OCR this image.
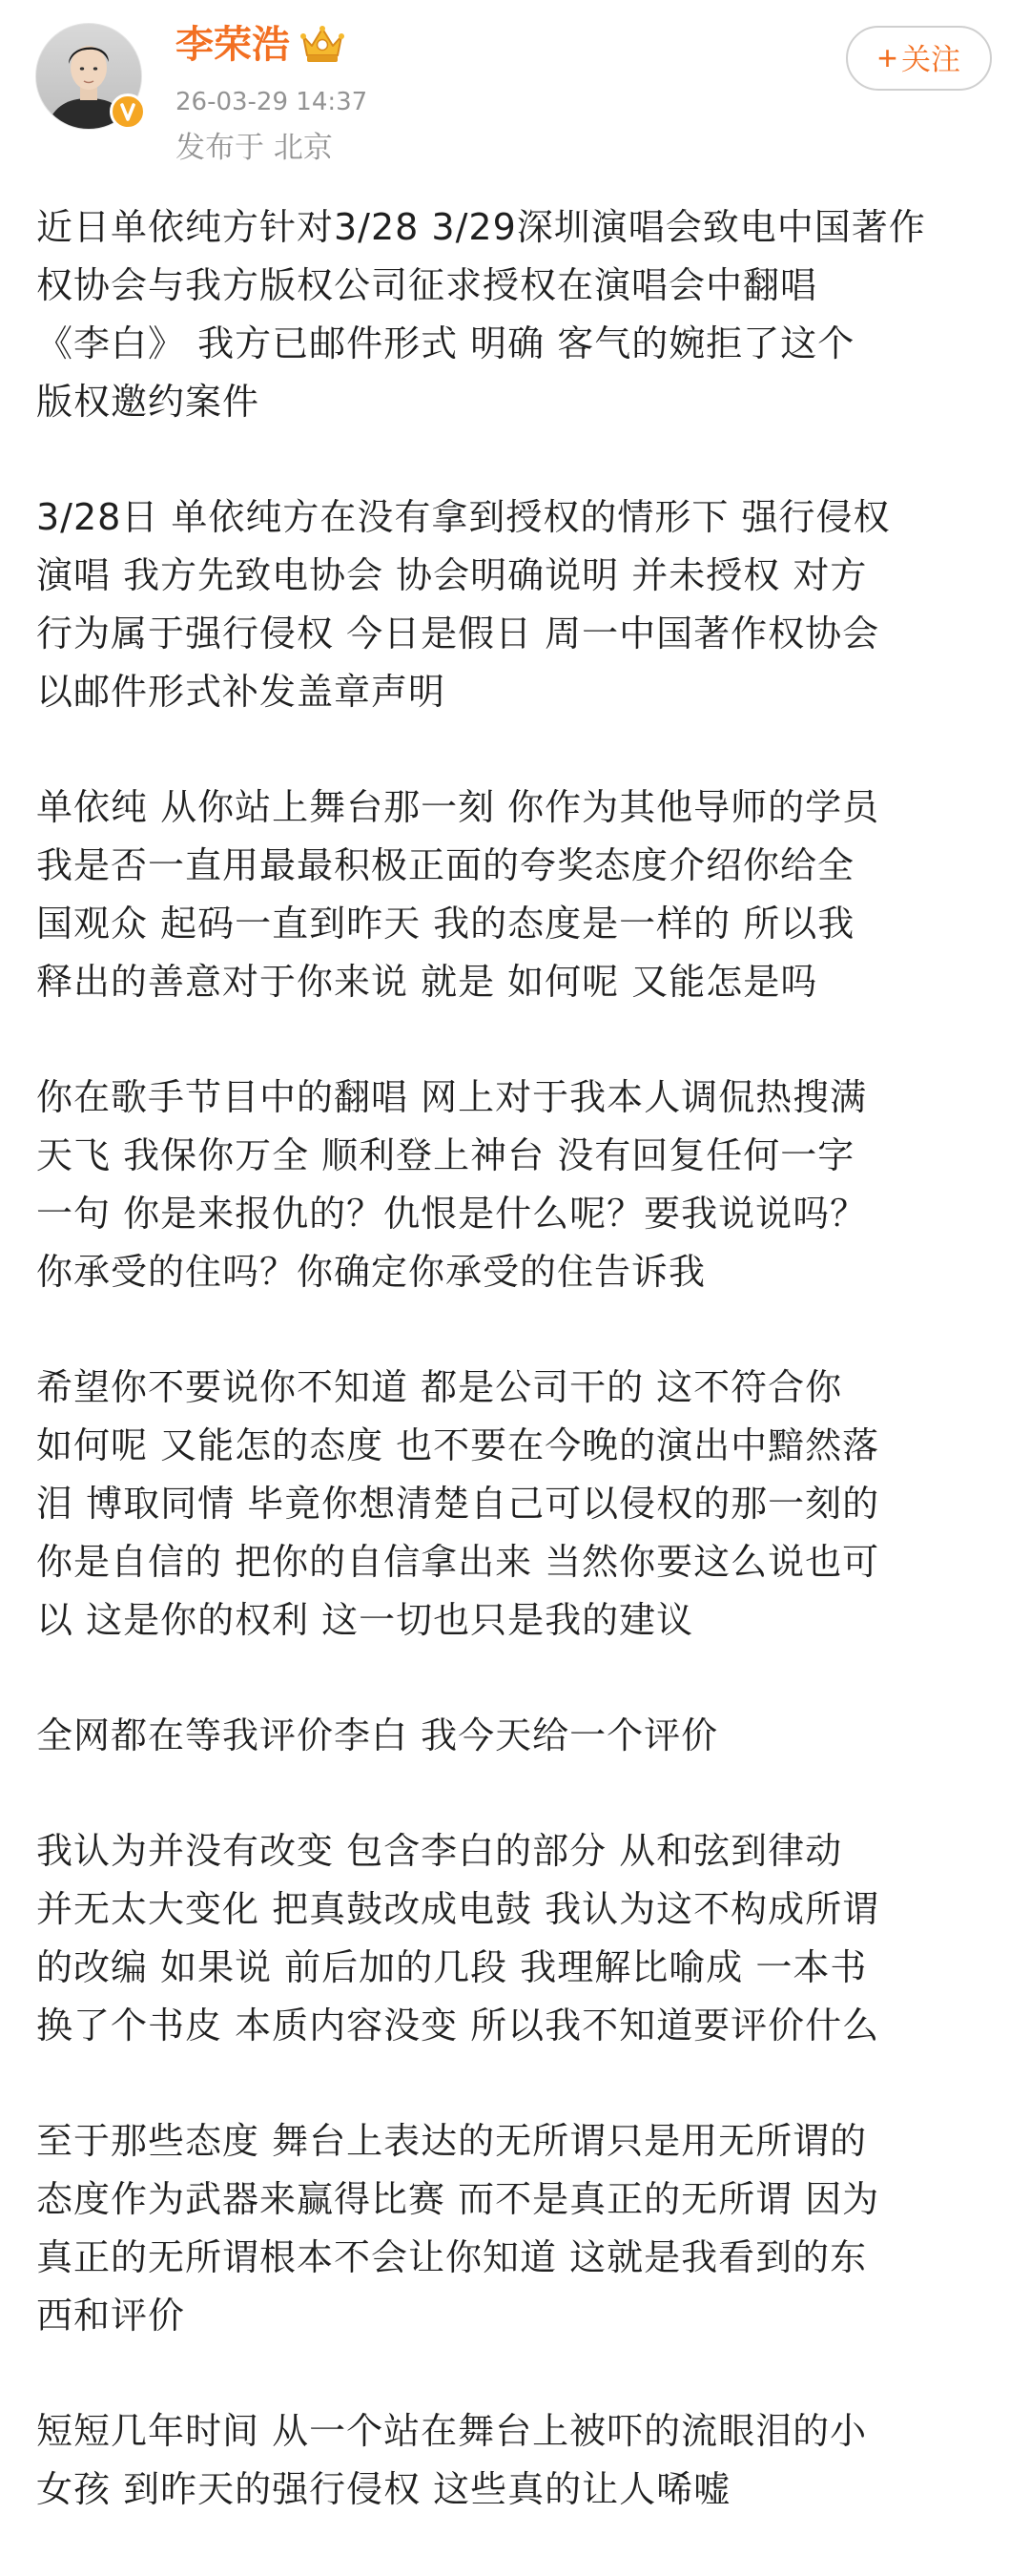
李荣浩
26-03-29 14:37
发布于 北京
+ 关注

近日单依纯方针对3/28 3/29深圳演唱会致电中国著作
权协会与我方版权公司征求授权在演唱会中翻唱
《李白》 我方已邮件形式 明确 客气的婉拒了这个
版权邀约案件

3/28日 单依纯方在没有拿到授权的情形下 强行侵权
演唱 我方先致电协会 协会明确说明 并未授权 对方
行为属于强行侵权 今日是假日 周一中国著作权协会
以邮件形式补发盖章声明

单依纯 从你站上舞台那一刻 你作为其他导师的学员
我是否一直用最最积极正面的夸奖态度介绍你给全
国观众 起码一直到昨天 我的态度是一样的 所以我
释出的善意对于你来说 就是 如何呢 又能怎是吗

你在歌手节目中的翻唱 网上对于我本人调侃热搜满
天飞 我保你万全 顺利登上神台 没有回复任何一字
一句 你是来报仇的？仇恨是什么呢？要我说说吗？
你承受的住吗？你确定你承受的住告诉我

希望你不要说你不知道 都是公司干的 这不符合你
如何呢 又能怎的态度 也不要在今晚的演出中黯然落
泪 博取同情 毕竟你想清楚自己可以侵权的那一刻的
你是自信的 把你的自信拿出来 当然你要这么说也可
以 这是你的权利 这一切也只是我的建议

全网都在等我评价李白 我今天给一个评价

我认为并没有改变 包含李白的部分 从和弦到律动
并无太大变化 把真鼓改成电鼓 我认为这不构成所谓
的改编 如果说 前后加的几段 我理解比喻成 一本书
换了个书皮 本质内容没变 所以我不知道要评价什么

至于那些态度 舞台上表达的无所谓只是用无所谓的
态度作为武器来赢得比赛 而不是真正的无所谓 因为
真正的无所谓根本不会让你知道 这就是我看到的东
西和评价

短短几年时间 从一个站在舞台上被吓的流眼泪的小
女孩 到昨天的强行侵权 这些真的让人唏嘘
